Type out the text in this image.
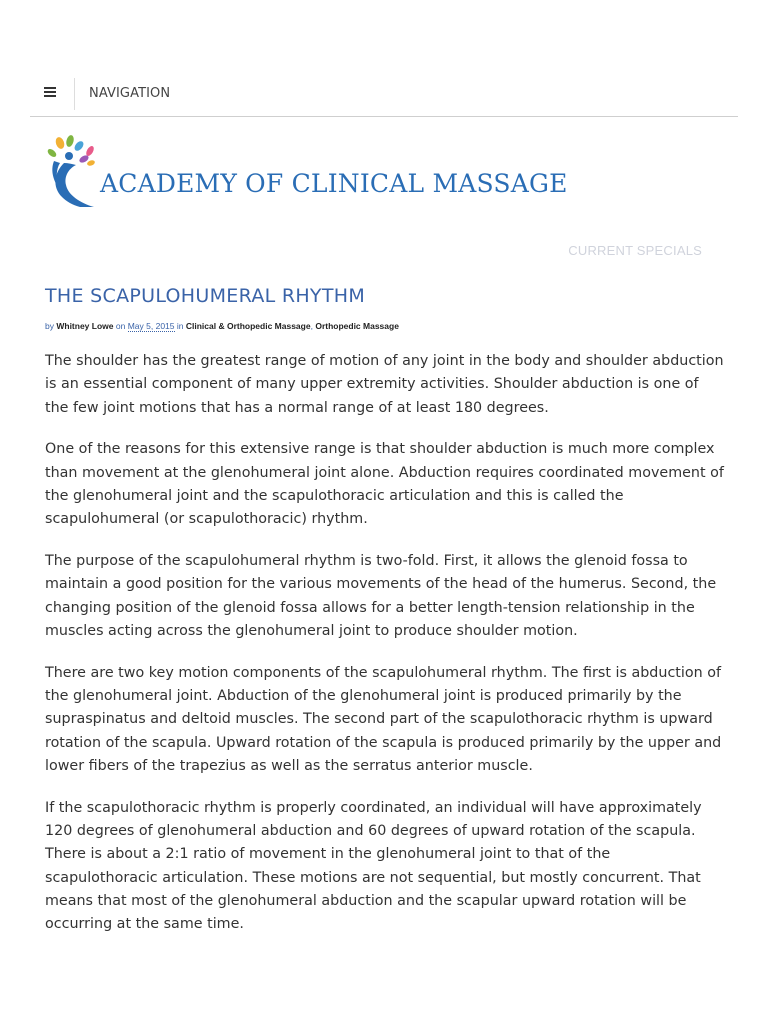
NAVIGATION
ACADEMY OF CLINICAL MASSAGE
CURRENT SPECIALS
THE SCAPULOHUMERAL RHYTHM
by Whitney Lowe on May 5, 2015 in Clinical & Orthopedic Massage, Orthopedic Massage

The shoulder has the greatest range of motion of any joint in the body and shoulder abduction is an essential component of many upper extremity activities. Shoulder abduction is one of the few joint motions that has a normal range of at least 180 degrees.

One of the reasons for this extensive range is that shoulder abduction is much more complex than movement at the glenohumeral joint alone. Abduction requires coordinated movement of the glenohumeral joint and the scapulothoracic articulation and this is called the scapulohumeral (or scapulothoracic) rhythm.

The purpose of the scapulohumeral rhythm is two-fold. First, it allows the glenoid fossa to maintain a good position for the various movements of the head of the humerus. Second, the changing position of the glenoid fossa allows for a better length-tension relationship in the muscles acting across the glenohumeral joint to produce shoulder motion.

There are two key motion components of the scapulohumeral rhythm. The first is abduction of the glenohumeral joint. Abduction of the glenohumeral joint is produced primarily by the supraspinatus and deltoid muscles. The second part of the scapulothoracic rhythm is upward rotation of the scapula. Upward rotation of the scapula is produced primarily by the upper and lower fibers of the trapezius as well as the serratus anterior muscle.

If the scapulothoracic rhythm is properly coordinated, an individual will have approximately 120 degrees of glenohumeral abduction and 60 degrees of upward rotation of the scapula. There is about a 2:1 ratio of movement in the glenohumeral joint to that of the scapulothoracic articulation. These motions are not sequential, but mostly concurrent. That means that most of the glenohumeral abduction and the scapular upward rotation will be occurring at the same time.
